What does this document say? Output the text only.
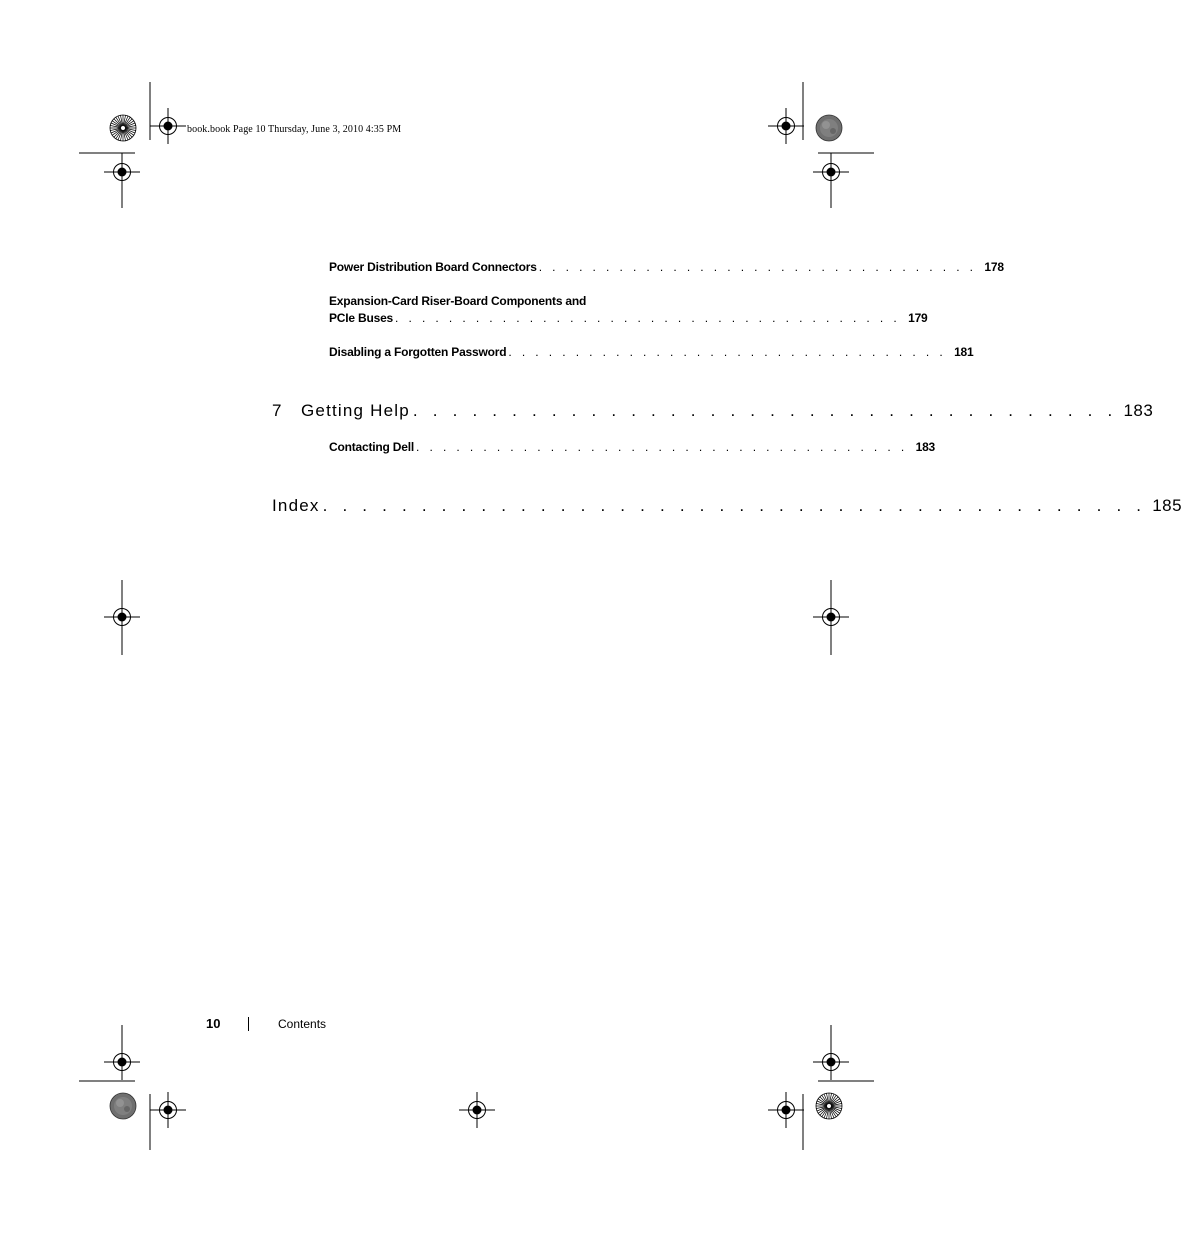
book.book Page 10 Thursday, June 3, 2010 4:35 PM
Power Distribution Board Connectors . . . . . . . . . . . . . . . . . . . . . . . . . . . . . . . . . 178
Expansion-Card Riser-Board Components and
PCIe Buses . . . . . . . . . . . . . . . . . . . . . . . . . . . . . . . . . . . . . . 179
Disabling a Forgotten Password . . . . . . . . . . . . . . . . . . . . . . . . . . . . . . . . . 181
7	Getting Help . . . . . . . . . . . . . . . . . . . . . . . . . . . . . . . . . . . . 183
Contacting Dell . . . . . . . . . . . . . . . . . . . . . . . . . . . . . . . . . . . . . 183
Index . . . . . . . . . . . . . . . . . . . . . . . . . . . . . . . . . . . . . . . . . . 185
10	Contents
